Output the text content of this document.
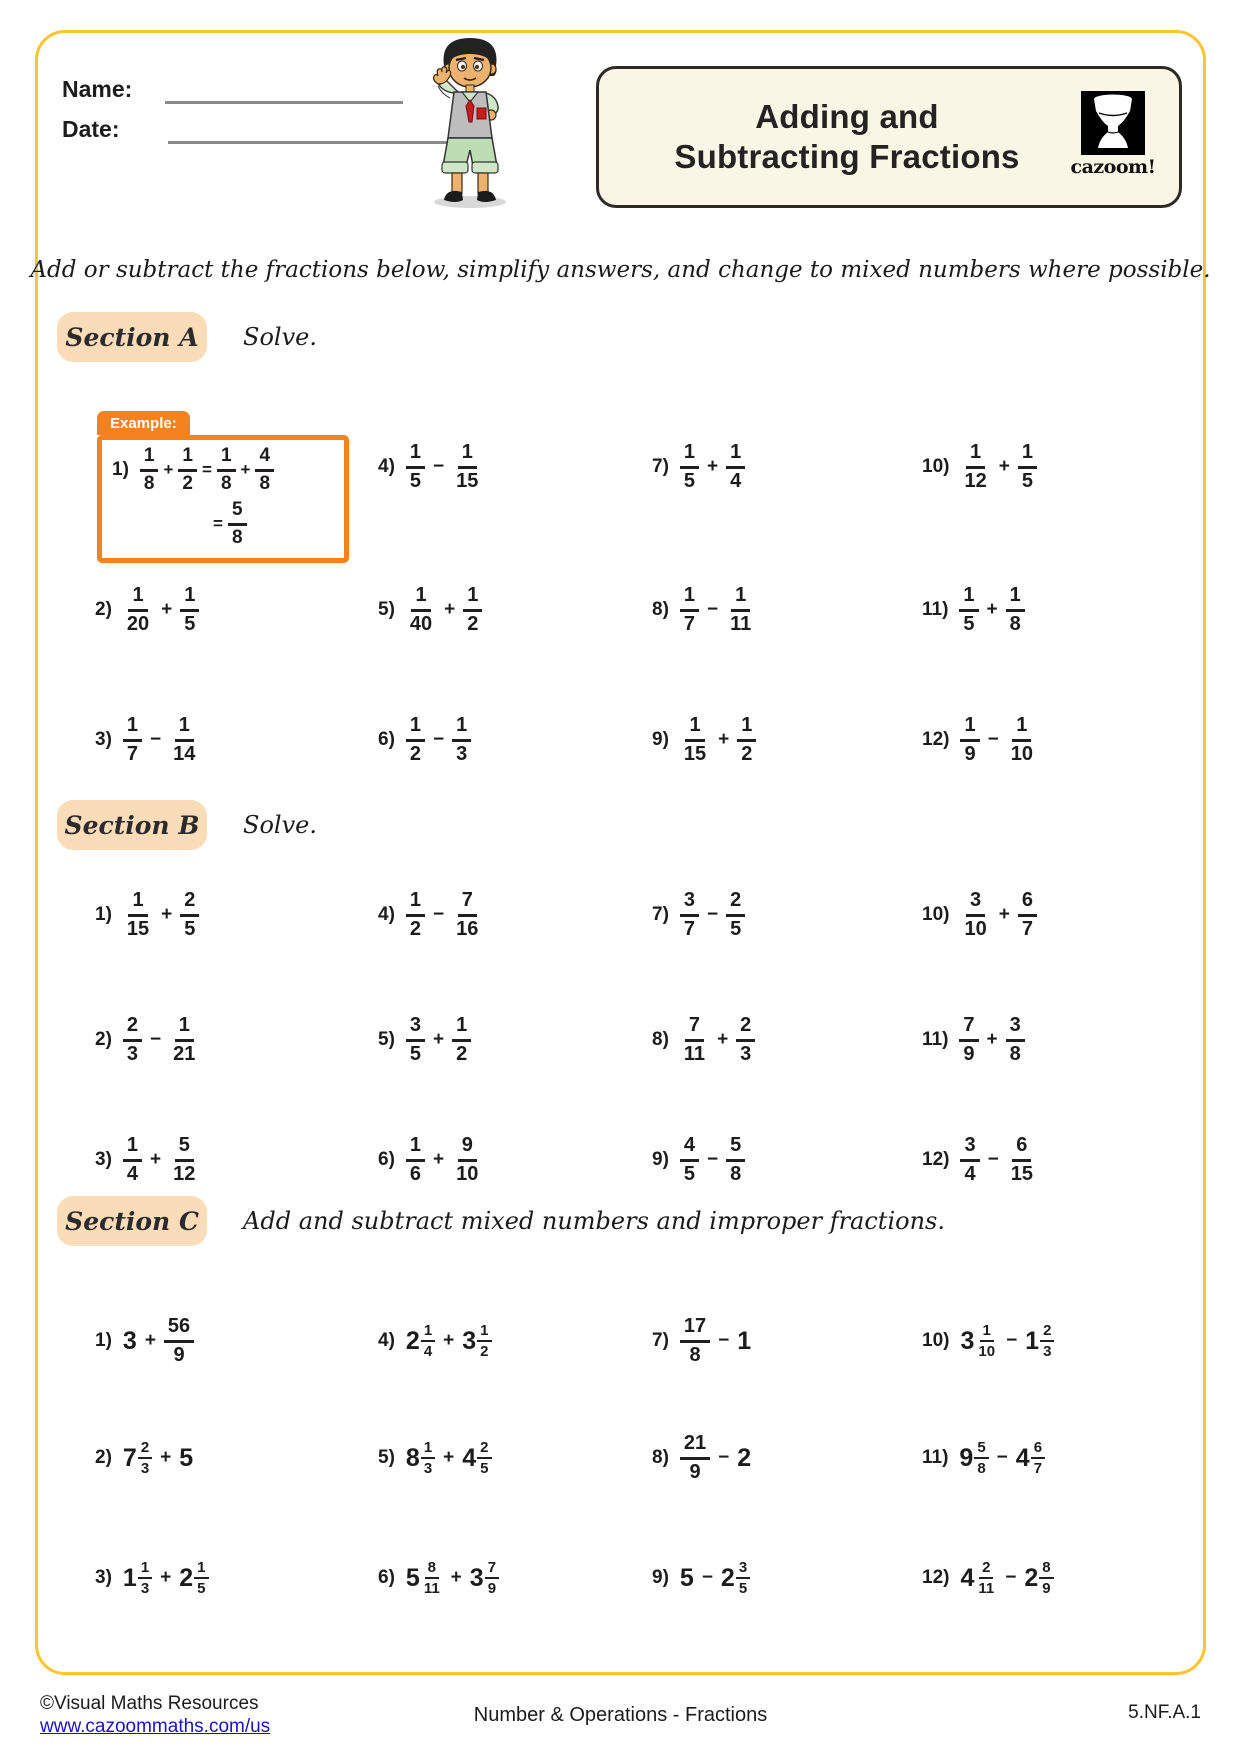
Name:
Date:	Adding and
Subtracting Fractions	cazoom!
Add or subtract the fractions below, simplify answers, and change to mixed numbers where possible.
Section A	Solve.
Section B	Solve.
Section C	Add and subtract mixed numbers and improper fractions.
Example:
$1) \frac{1}{8} + \frac{1}{2} = \frac{1}{8} + \frac{4}{8}$
= $\frac{5}{8}$
$2) \frac{1}{20} + \frac{1}{5}$
$3) \frac{1}{7} - \frac{1}{14}$
$4) \frac{1}{5} - \frac{1}{15}$
$5) \frac{1}{40} + \frac{1}{2}$
$6) \frac{1}{2} - \frac{1}{3}$
$7) \frac{1}{5} + \frac{1}{4}$
$8) \frac{1}{7} - \frac{1}{11}$
$9) \frac{1}{15} + \frac{1}{2}$
$10) \frac{1}{12} + \frac{1}{5}$
$11) \frac{1}{5} + \frac{1}{8}$
$12) \frac{1}{9} - \frac{1}{10}$
$1) \frac{1}{15} + \frac{2}{5}$
$2) \frac{2}{3} - \frac{1}{21}$
$3) \frac{1}{4} + \frac{5}{12}$
$4) \frac{1}{2} - \frac{7}{16}$
$5) \frac{3}{5} + \frac{1}{2}$
$6) \frac{1}{6} + \frac{9}{10}$
$7) \frac{3}{7} - \frac{2}{5}$
$8) \frac{7}{11} + \frac{2}{3}$
$9) \frac{4}{5} - \frac{5}{8}$
$10) \frac{3}{10} + \frac{6}{7}$
$11) \frac{7}{9} + \frac{3}{8}$
$12) \frac{3}{4} - \frac{6}{15}$
1) $3 + \frac{56}{9}$
2) $7 \frac{2}{3} + 5$
3) $1 \frac{1}{3} + 2 \frac{1}{5}$
4) $2 \frac{1}{4} + 3 \frac{1}{2}$
5) $8 \frac{1}{3} + 4 \frac{2}{5}$
6) $5 \frac{8}{11} + 3 \frac{7}{9}$
$7) \frac{17}{8} - 1$
$8) \frac{21}{9} - 2$
9) $5 - 2 \frac{3}{5}$
10) $3 \frac{1}{10} - 1 \frac{2}{3}$
11) $9 \frac{5}{8} - 4 \frac{6}{7}$
12) $4 \frac{2}{11} - 2 \frac{8}{9}$
©Visual Maths Resources
www.cazoommaths.com/us
Number & Operations - Fractions	5.NF.A.1
